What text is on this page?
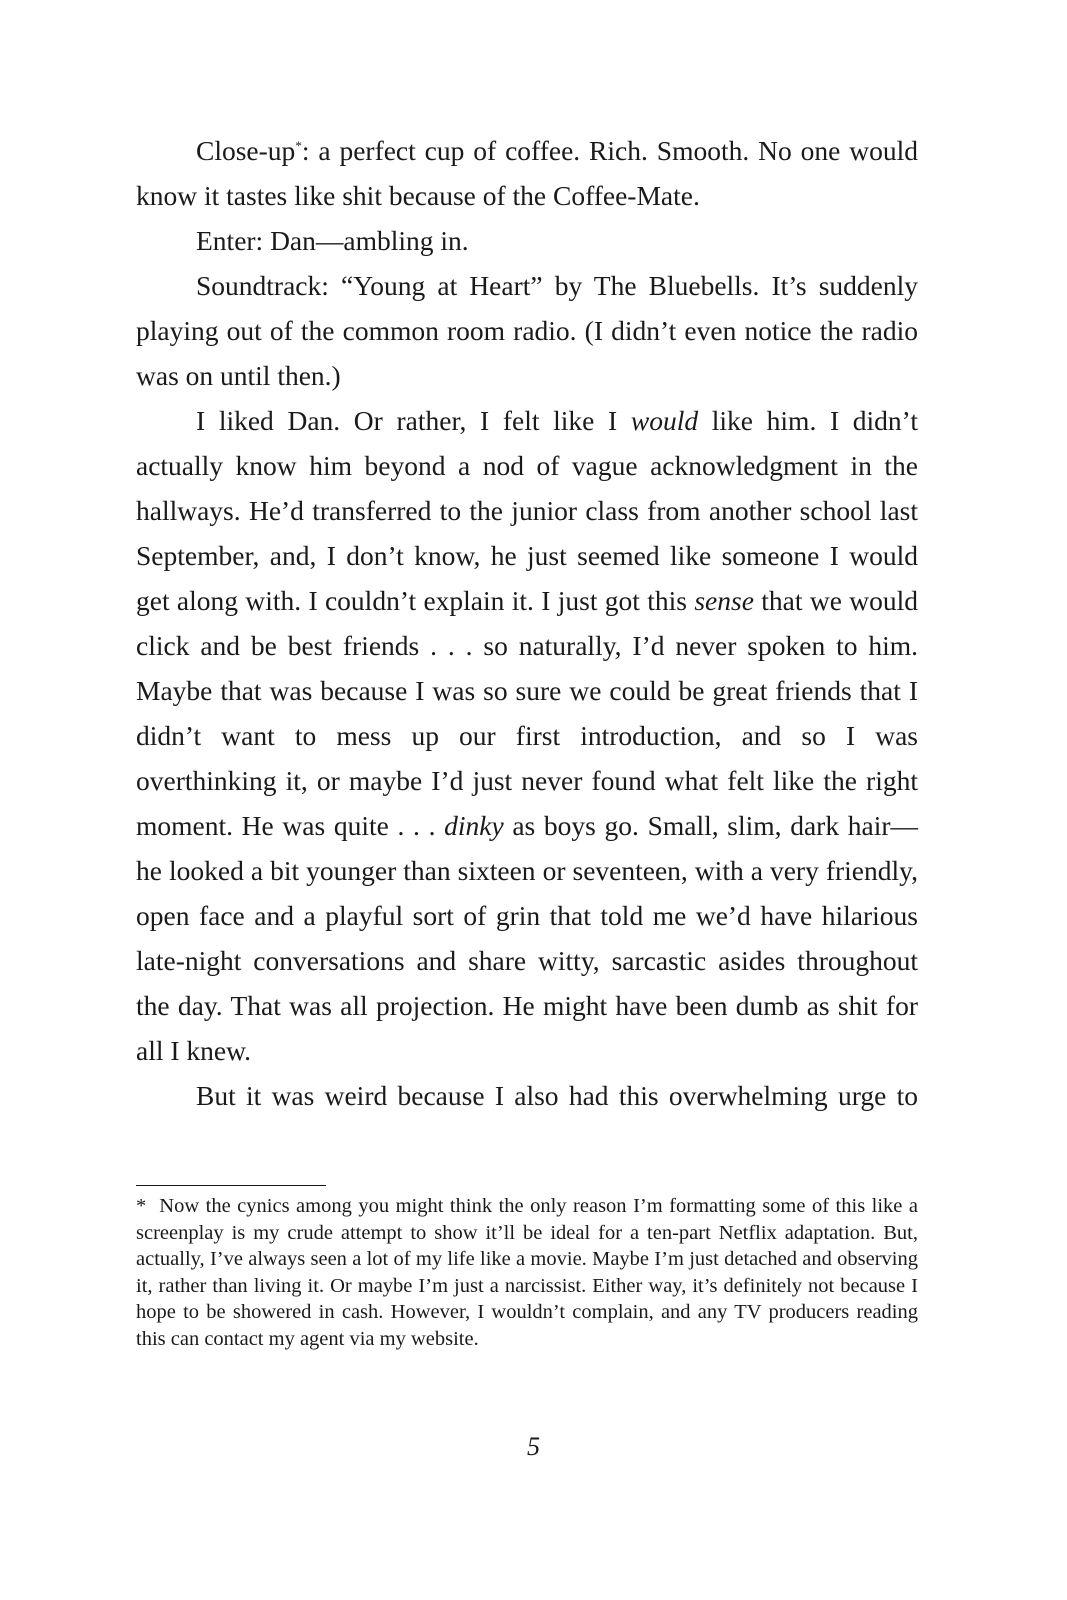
Close-up*: a perfect cup of coffee. Rich. Smooth. No one would know it tastes like shit because of the Coffee-Mate.

Enter: Dan—ambling in.

Soundtrack: “Young at Heart” by The Bluebells. It’s suddenly playing out of the common room radio. (I didn’t even notice the radio was on until then.)

I liked Dan. Or rather, I felt like I would like him. I didn’t actually know him beyond a nod of vague acknowledgment in the hallways. He’d transferred to the junior class from another school last September, and, I don’t know, he just seemed like someone I would get along with. I couldn’t explain it. I just got this sense that we would click and be best friends . . . so naturally, I’d never spoken to him. Maybe that was because I was so sure we could be great friends that I didn’t want to mess up our first introduction, and so I was overthinking it, or maybe I’d just never found what felt like the right moment. He was quite . . . dinky as boys go. Small, slim, dark hair—he looked a bit younger than sixteen or seventeen, with a very friendly, open face and a playful sort of grin that told me we’d have hilarious late-night conversations and share witty, sarcastic asides throughout the day. That was all projection. He might have been dumb as shit for all I knew.

But it was weird because I also had this overwhelming urge to

* Now the cynics among you might think the only reason I’m formatting some of this like a screenplay is my crude attempt to show it’ll be ideal for a ten-part Netflix adaptation. But, actually, I’ve always seen a lot of my life like a movie. Maybe I’m just detached and observing it, rather than living it. Or maybe I’m just a narcissist. Either way, it’s definitely not because I hope to be showered in cash. However, I wouldn’t complain, and any TV producers reading this can contact my agent via my website.
5
